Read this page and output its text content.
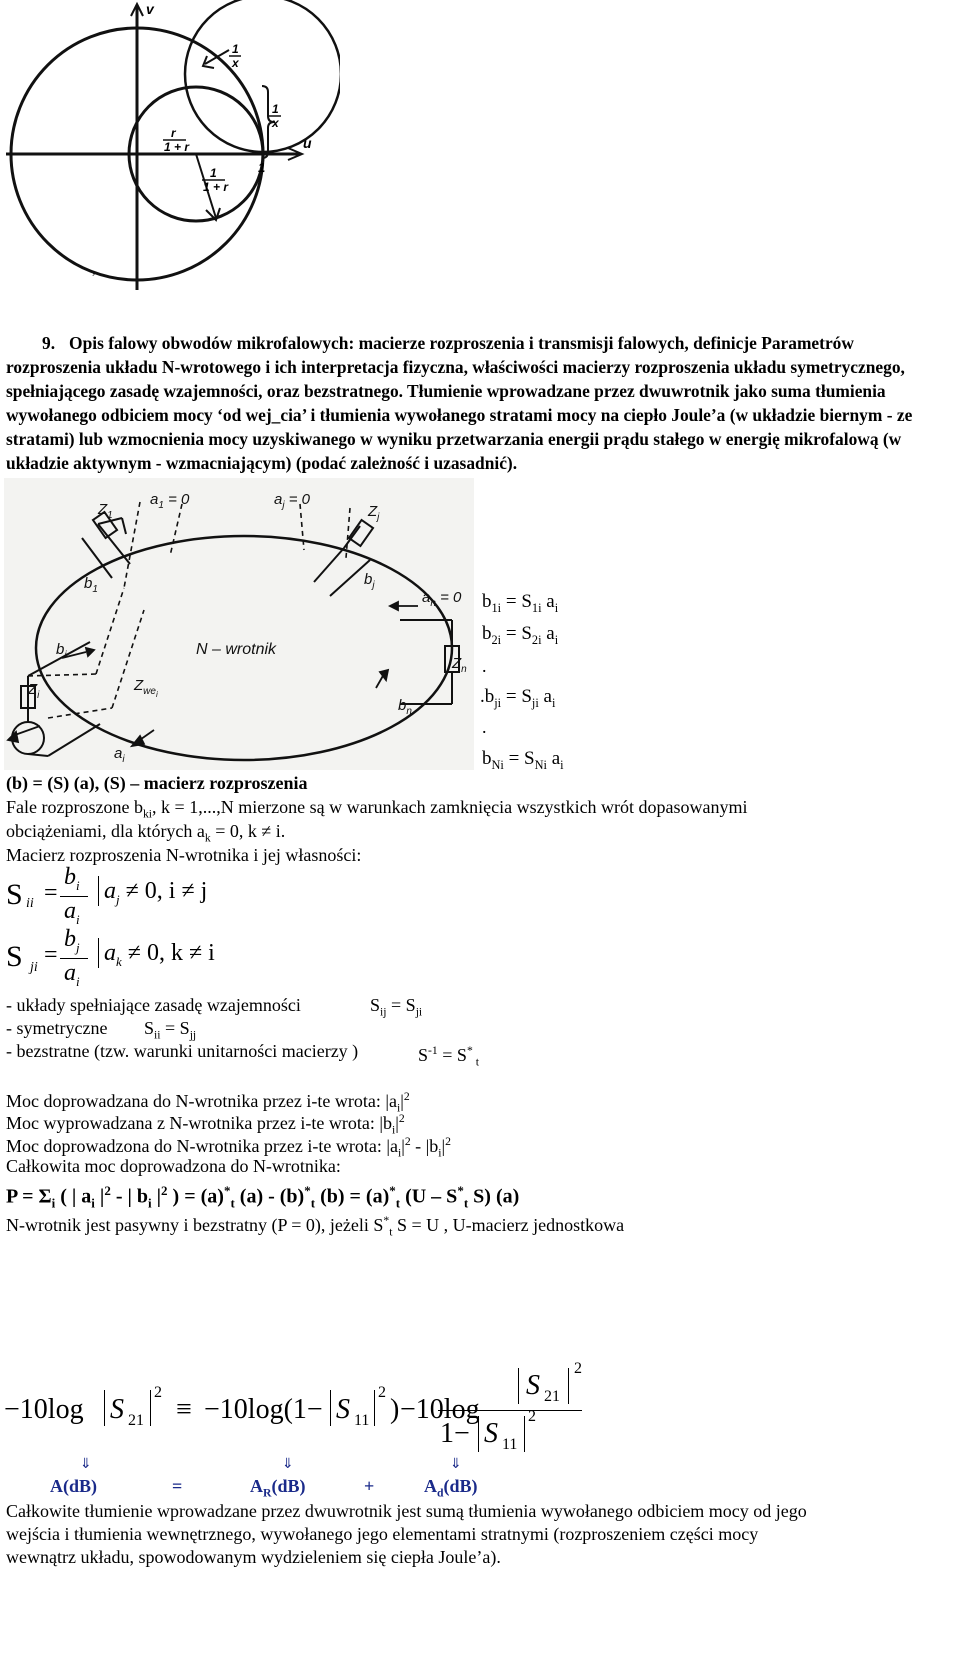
v
u
1
r
1 + r
1
1 + r
1
x
1
x
,

9. Opis falowy obwodów mikrofalowych: macierze rozproszenia i transmisji falowych, definicje Parametrów rozproszenia układu N-wrotowego i ich interpretacja fizyczna, właściwości macierzy rozproszenia układu symetrycznego, spełniającego zasadę wzajemności, oraz bezstratnego. Tłumienie wprowadzane przez dwuwrotnik jako suma tłumienia wywołanego odbiciem mocy ‘od wej_cia’ i tłumienia wywołanego stratami mocy na ciepło Joule’a (w układzie biernym - ze stratami) lub wzmocnienia mocy uzyskiwanego w wyniku przetwarzania energii prądu stałego w energię mikrofalową (w układzie aktywnym - wzmacniającym) (podać zależność i uzasadnić).

$a_1 = 0$	$a_j = 0$
$Z_1$	$Z_j$
$b_1$
$b_j$
$a_n = 0$
$b_i$	N – wrotnik
$Z_n$
$Z_i$
$Z_{wei}$
$b_n$
$a_i$
$b_{1i} = S_{1i}$ $a_i$
$b_{2i} = S_{2i}$ $a_i$
.
$.b_{ji} = S_{ji}$ $a_i$
.
$b_{Ni} = S_{Ni}$ $a_i$
(b) = (S) (a), (S) – macierz rozproszenia
Fale rozproszone $b_{ki}$, k = 1,...,N mierzone są w warunkach zamknięcia wszystkich wrót dopasowanymi
obciążeniami, dla których $a_k = 0$, k ≠ i.
Macierz rozproszenia N-wrotnika i jej własności:
S ii =
$b_i$
$a_i$
$a_j \ne 0$, i ≠ j
S ji =
$b_j$
$a_i$
$a_k \ne 0$, k ≠ i
- układy spełniające zasadę wzajemności	$S_{ij} = S_{ji}$
- symetryczne $S_{ii} = S_{jj}$
- bezstratne (tzw. warunki unitarności macierzy )	$S^{-1} = S^*$ $_t$
Moc doprowadzana do N-wrotnika przez i-te wrota: $|a_i|^2$
Moc wyprowadzana z N-wrotnika przez i-te wrota: $|b_i|^2$
Moc doprowadzona do N-wrotnika przez i-te wrota: $|a_i|^2 - |b_i|^2$
Całkowita moc doprowadzona do N-wrotnika:
$P = \Sigma_i$ ( | $a_i$ $|^2$ - | $b_i$ $|^2$ ) = $(a)^*_t$ $(a) - (b)^*_t$ $(b) = (a)^*_t$ ($U - S^*_t$ S) (a)
N-wrotnik jest pasywny i bezstratny (P = 0), jeżeli $S^*_t$ S = U , U-macierz jednostkowa
−10log S 21
2
≡ −10log(1− S 11
2
) −10log
S 21
2
1− S 11
2
⇓	⇓	⇓
A(dB)	=	$A_R(dB)$	+	$A_d(dB)$
Całkowite tłumienie wprowadzane przez dwuwrotnik jest sumą tłumienia wywołanego odbiciem mocy od jego
wejścia i tłumienia wewnętrznego, wywołanego jego elementami stratnymi (rozproszeniem części mocy
wewnątrz układu, spowodowanym wydzieleniem się ciepła Joule’a).
